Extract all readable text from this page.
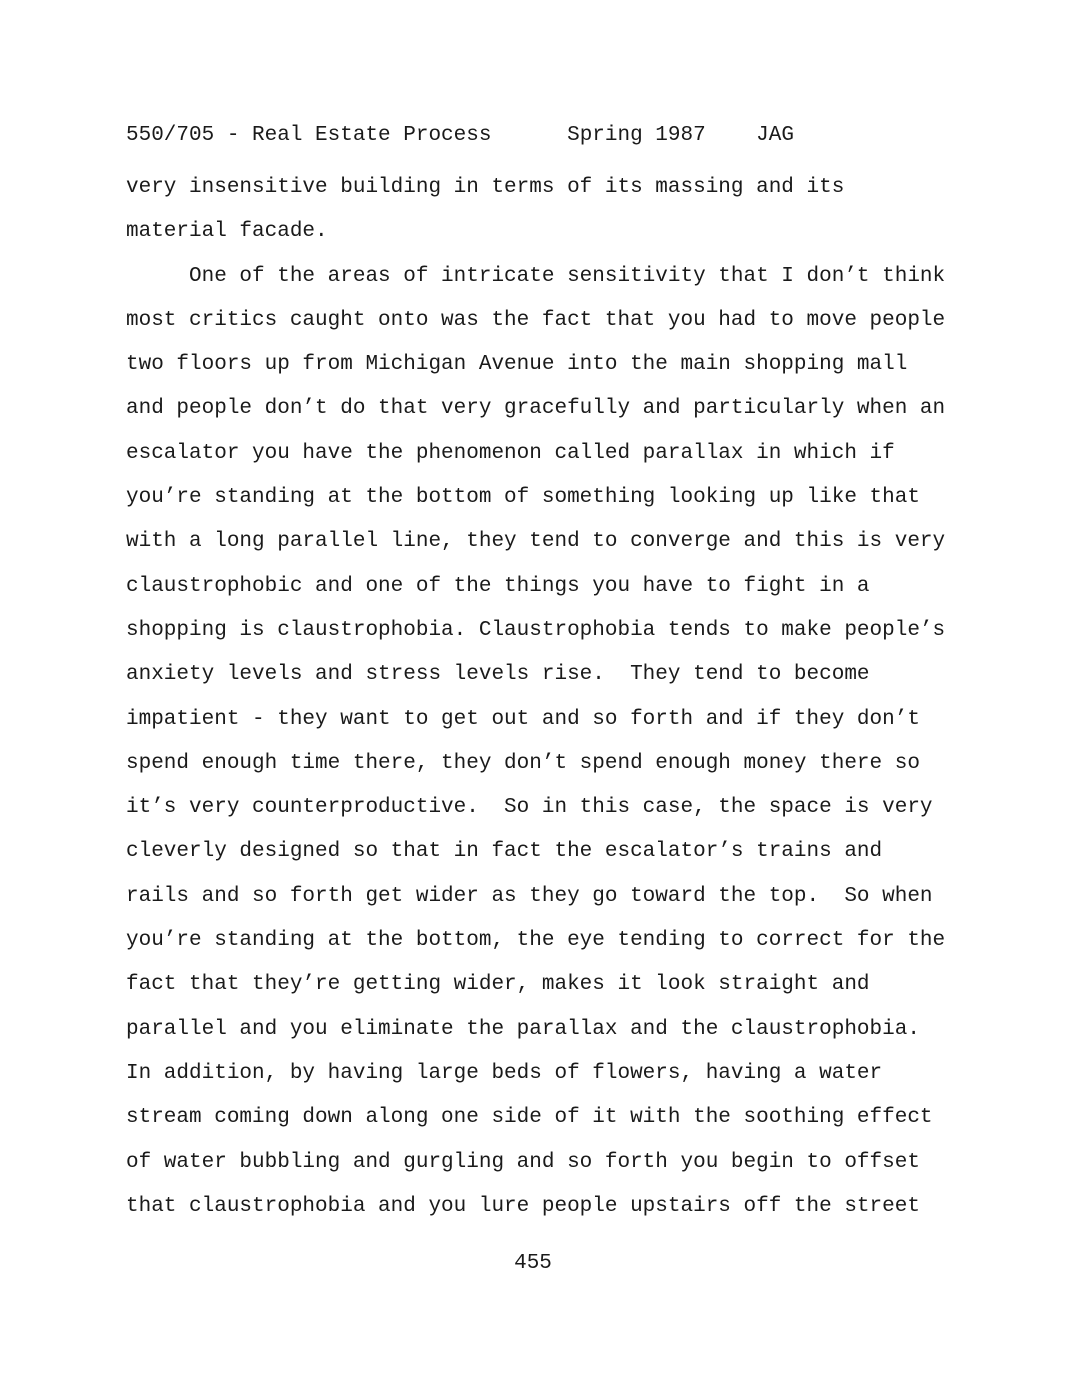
550/705 - Real Estate Process	Spring 1987 JAG
very insensitive building in terms of its massing and its
material facade.
One of the areas of intricate sensitivity that I don’t think
most critics caught onto was the fact that you had to move people
two floors up from Michigan Avenue into the main shopping mall
and people don’t do that very gracefully and particularly when an
escalator you have the phenomenon called parallax in which if
you’re standing at the bottom of something looking up like that
with a long parallel line, they tend to converge and this is very
claustrophobic and one of the things you have to fight in a
shopping is claustrophobia. Claustrophobia tends to make people’s
anxiety levels and stress levels rise.  They tend to become
impatient - they want to get out and so forth and if they don’t
spend enough time there, they don’t spend enough money there so
it’s very counterproductive.  So in this case, the space is very
cleverly designed so that in fact the escalator’s trains and
rails and so forth get wider as they go toward the top.  So when
you’re standing at the bottom, the eye tending to correct for the
fact that they’re getting wider, makes it look straight and
parallel and you eliminate the parallax and the claustrophobia.
In addition, by having large beds of flowers, having a water
stream coming down along one side of it with the soothing effect
of water bubbling and gurgling and so forth you begin to offset
that claustrophobia and you lure people upstairs off the street
455
